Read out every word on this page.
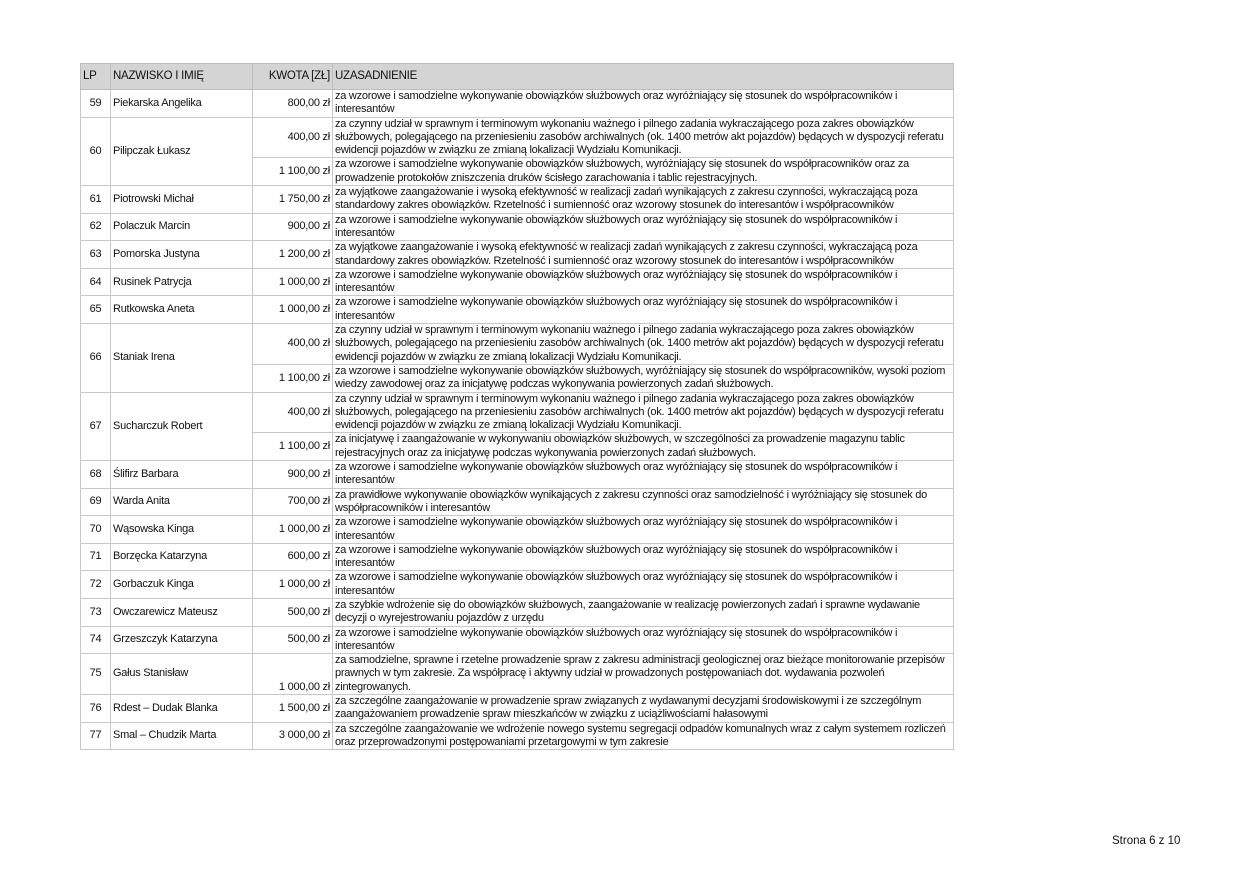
LP	NAZWISKO I IMIĘ	KWOTA [ZŁ]	UZASADNIENIE
59	Piekarska Angelika	800,00 zł	za wzorowe i samodzielne wykonywanie obowiązków służbowych oraz wyróżniający się stosunek do współpracowników i interesantów
60	Pilipczak Łukasz	400,00 zł	za czynny udział w sprawnym i terminowym wykonaniu ważnego i pilnego zadania wykraczającego poza zakres obowiązków służbowych, polegającego na przeniesieniu zasobów archiwalnych (ok. 1400 metrów akt pojazdów) będących w dyspozycji referatu ewidencji pojazdów w związku ze zmianą lokalizacji Wydziału Komunikacji.
		1 100,00 zł	za wzorowe i samodzielne wykonywanie obowiązków służbowych, wyróżniający się stosunek do współpracowników oraz za prowadzenie protokołów zniszczenia druków ścisłego zarachowania i tablic rejestracyjnych.
61	Piotrowski Michał	1 750,00 zł	za wyjątkowe zaangażowanie i wysoką efektywność w realizacji zadań wynikających z zakresu czynności, wykraczającą poza standardowy zakres obowiązków. Rzetelność i sumienność oraz wzorowy stosunek do interesantów i współpracowników
62	Polaczuk Marcin	900,00 zł	za wzorowe i samodzielne wykonywanie obowiązków służbowych oraz wyróżniający się stosunek do współpracowników i interesantów
63	Pomorska Justyna	1 200,00 zł	za wyjątkowe zaangażowanie i wysoką efektywność w realizacji zadań wynikających z zakresu czynności, wykraczającą poza standardowy zakres obowiązków. Rzetelność i sumienność oraz wzorowy stosunek do interesantów i współpracowników
64	Rusinek Patrycja	1 000,00 zł	za wzorowe i samodzielne wykonywanie obowiązków służbowych oraz wyróżniający się stosunek do współpracowników i interesantów
65	Rutkowska Aneta	1 000,00 zł	za wzorowe i samodzielne wykonywanie obowiązków służbowych oraz wyróżniający się stosunek do współpracowników i interesantów
66	Staniak Irena	400,00 zł	za czynny udział w sprawnym i terminowym wykonaniu ważnego i pilnego zadania wykraczającego poza zakres obowiązków służbowych, polegającego na przeniesieniu zasobów archiwalnych (ok. 1400 metrów akt pojazdów) będących w dyspozycji referatu ewidencji pojazdów w związku ze zmianą lokalizacji Wydziału Komunikacji.
		1 100,00 zł	za wzorowe i samodzielne wykonywanie obowiązków służbowych, wyróżniający się stosunek do współpracowników, wysoki poziom wiedzy zawodowej oraz za inicjatywę podczas wykonywania powierzonych zadań służbowych.
67	Sucharczuk Robert	400,00 zł	za czynny udział w sprawnym i terminowym wykonaniu ważnego i pilnego zadania wykraczającego poza zakres obowiązków służbowych, polegającego na przeniesieniu zasobów archiwalnych (ok. 1400 metrów akt pojazdów) będących w dyspozycji referatu ewidencji pojazdów w związku ze zmianą lokalizacji Wydziału Komunikacji.
		1 100,00 zł	za inicjatywę i zaangażowanie w wykonywaniu obowiązków służbowych, w szczególności za prowadzenie magazynu tablic rejestracyjnych oraz za inicjatywę podczas wykonywania powierzonych zadań służbowych.
68	Ślifirz Barbara	900,00 zł	za wzorowe i samodzielne wykonywanie obowiązków służbowych oraz wyróżniający się stosunek do współpracowników i interesantów
69	Warda Anita	700,00 zł	za prawidłowe wykonywanie obowiązków wynikających z zakresu czynności oraz samodzielność i wyróżniający się stosunek do współpracowników i interesantów
70	Wąsowska Kinga	1 000,00 zł	za wzorowe i samodzielne wykonywanie obowiązków służbowych oraz wyróżniający się stosunek do współpracowników i interesantów
71	Borzęcka Katarzyna	600,00 zł	za wzorowe i samodzielne wykonywanie obowiązków służbowych oraz wyróżniający się stosunek do współpracowników i interesantów
72	Gorbaczuk Kinga	1 000,00 zł	za wzorowe i samodzielne wykonywanie obowiązków służbowych oraz wyróżniający się stosunek do współpracowników i interesantów
73	Owczarewicz Mateusz	500,00 zł	za szybkie wdrożenie się do obowiązków służbowych, zaangażowanie w realizację powierzonych zadań i sprawne wydawanie decyzji o wyrejestrowaniu pojazdów z urzędu
74	Grzeszczyk Katarzyna	500,00 zł	za wzorowe i samodzielne wykonywanie obowiązków służbowych oraz wyróżniający się stosunek do współpracowników i interesantów
75	Gałus Stanisław	1 000,00 zł	za samodzielne, sprawne i rzetelne prowadzenie spraw z zakresu administracji geologicznej oraz bieżące monitorowanie przepisów prawnych w tym zakresie. Za współpracę i aktywny udział w prowadzonych postępowaniach dot. wydawania pozwoleń zintegrowanych.
76	Rdest – Dudak Blanka	1 500,00 zł	za szczególne zaangażowanie w prowadzenie spraw związanych z wydawanymi decyzjami środowiskowymi i ze szczególnym zaangażowaniem prowadzenie spraw mieszkańców w związku z uciążliwościami hałasowymi
77	Smal – Chudzik Marta	3 000,00 zł	za szczególne zaangażowanie we wdrożenie nowego systemu segregacji odpadów komunalnych wraz z całym systemem rozliczeń oraz przeprowadzonymi postępowaniami przetargowymi w tym zakresie
Strona 6 z 10
